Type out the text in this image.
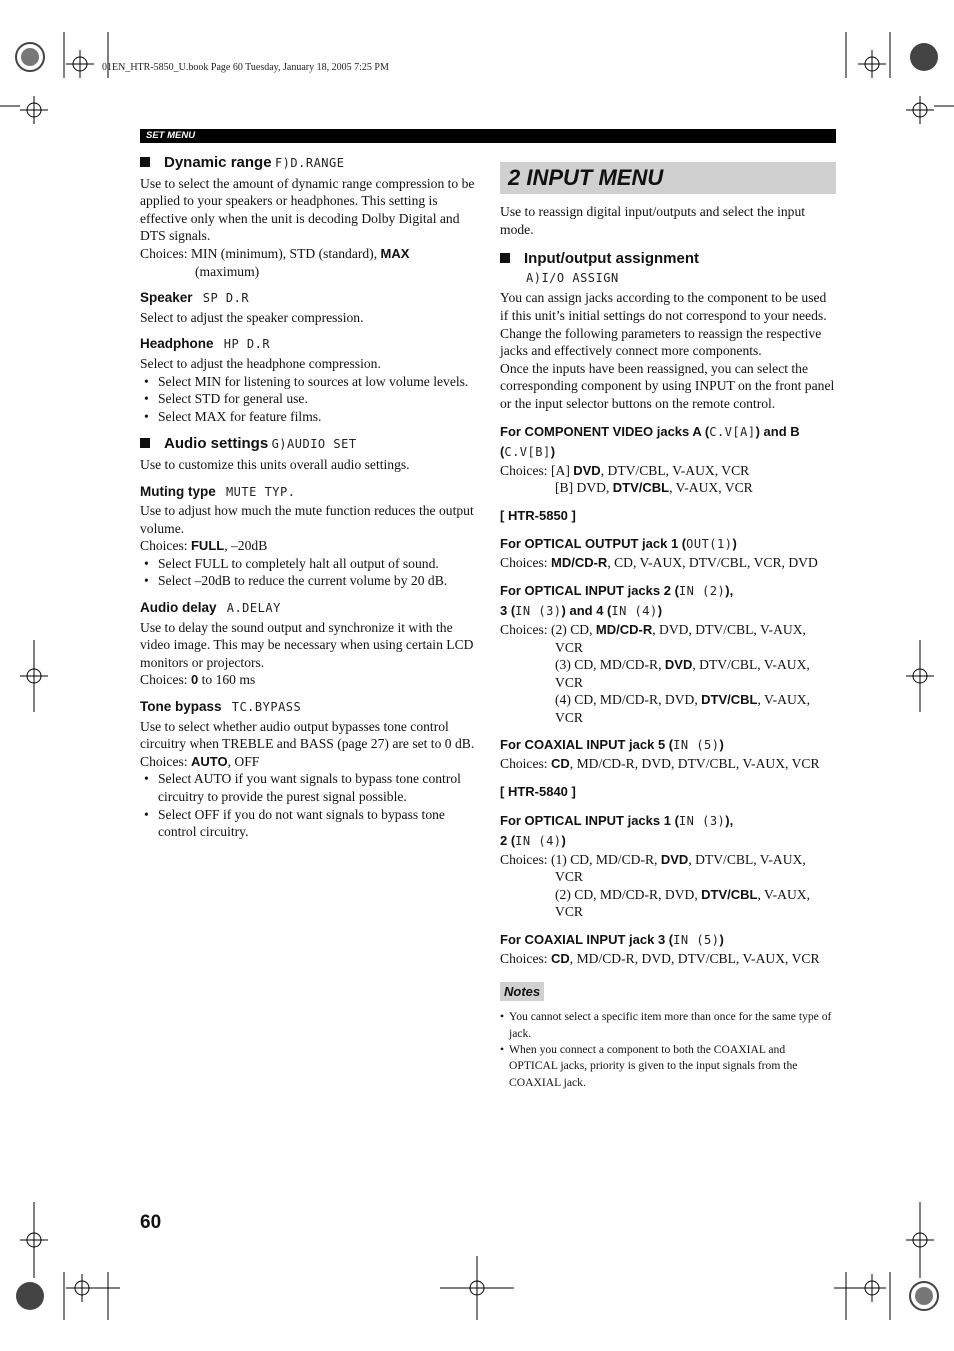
01EN_HTR-5850_U.book Page 60 Tuesday, January 18, 2005 7:25 PM
SET MENU
Dynamic range F)D.RANGE

Use to select the amount of dynamic range compression to be applied to your speakers or headphones. This setting is effective only when the unit is decoding Dolby Digital and DTS signals.

Choices: MIN (minimum), STD (standard), MAX

(maximum)

Speaker SP D.R

Select to adjust the speaker compression.

Headphone HP D.R

Select to adjust the headphone compression.

• Select MIN for listening to sources at low volume levels.
• Select STD for general use.
• Select MAX for feature films.
Audio settings G)AUDIO SET

Use to customize this units overall audio settings.

Muting type MUTE TYP.

Use to adjust how much the mute function reduces the output volume.

Choices: FULL, –20dB

• Select FULL to completely halt all output of sound.
• Select –20dB to reduce the current volume by 20 dB.
Audio delay A.DELAY

Use to delay the sound output and synchronize it with the video image. This may be necessary when using certain LCD monitors or projectors.

Choices: 0 to 160 ms

Tone bypass TC.BYPASS

Use to select whether audio output bypasses tone control circuitry when TREBLE and BASS (page 27) are set to 0 dB.

Choices: AUTO, OFF

• Select AUTO if you want signals to bypass tone control circuitry to provide the purest signal possible.
• Select OFF if you do not want signals to bypass tone control circuitry.
2 INPUT MENU

Use to reassign digital input/outputs and select the input mode.

Input/output assignment
A)I/O ASSIGN

You can assign jacks according to the component to be used if this unit’s initial settings do not correspond to your needs. Change the following parameters to reassign the respective jacks and effectively connect more components.

Once the inputs have been reassigned, you can select the corresponding component by using INPUT on the front panel or the input selector buttons on the remote control.

For COMPONENT VIDEO jacks A (C.V[A]) and B
(C.V[B])

Choices: [A] DVD, DTV/CBL, V-AUX, VCR

[B] DVD, DTV/CBL, V-AUX, VCR

[ HTR-5850 ]
For OPTICAL OUTPUT jack 1 (OUT(1))

Choices: MD/CD-R, CD, V-AUX, DTV/CBL, VCR, DVD

For OPTICAL INPUT jacks 2 (IN (2)),
3 (IN (3)) and 4 (IN (4))

Choices: (2) CD, MD/CD-R, DVD, DTV/CBL, V-AUX, VCR

(3) CD, MD/CD-R, DVD, DTV/CBL, V-AUX, VCR

(4) CD, MD/CD-R, DVD, DTV/CBL, V-AUX, VCR

For COAXIAL INPUT jack 5 (IN (5))

Choices: CD, MD/CD-R, DVD, DTV/CBL, V-AUX, VCR

[ HTR-5840 ]
For OPTICAL INPUT jacks 1 (IN (3)),
2 (IN (4))

Choices: (1) CD, MD/CD-R, DVD, DTV/CBL, V-AUX, VCR

(2) CD, MD/CD-R, DVD, DTV/CBL, V-AUX, VCR

For COAXIAL INPUT jack 3 (IN (5))

Choices: CD, MD/CD-R, DVD, DTV/CBL, V-AUX, VCR

Notes

• You cannot select a specific item more than once for the same type of jack.

• When you connect a component to both the COAXIAL and OPTICAL jacks, priority is given to the input signals from the COAXIAL jack.

60
